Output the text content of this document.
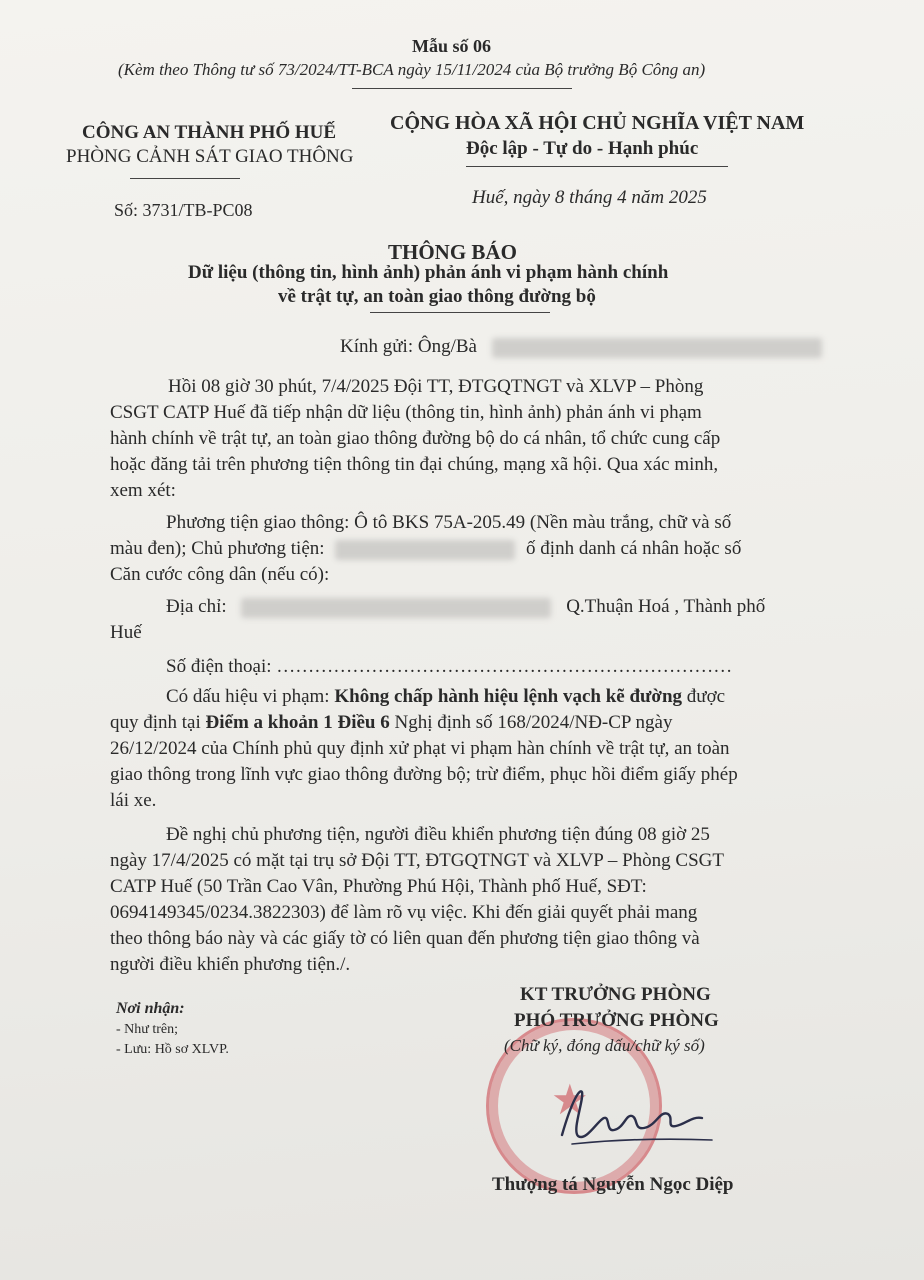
Mẫu số 06
(Kèm theo Thông tư số 73/2024/TT-BCA ngày 15/11/2024 của Bộ trưởng Bộ Công an)
CÔNG AN THÀNH PHỐ HUẾ
PHÒNG CẢNH SÁT GIAO THÔNG
Số: 3731/TB-PC08
CỘNG HÒA XÃ HỘI CHỦ NGHĨA VIỆT NAM
Độc lập - Tự do - Hạnh phúc
Huế, ngày 8 tháng 4 năm 2025
THÔNG BÁO
Dữ liệu (thông tin, hình ảnh) phản ánh vi phạm hành chính
về trật tự, an toàn giao thông đường bộ
Kính gửi: Ông/Bà
Hồi 08 giờ 30 phút, 7/4/2025 Đội TT, ĐTGQTNGT và XLVP – Phòng
CSGT CATP Huế đã tiếp nhận dữ liệu (thông tin, hình ảnh) phản ánh vi phạm
hành chính về trật tự, an toàn giao thông đường bộ do cá nhân, tổ chức cung cấp
hoặc đăng tải trên phương tiện thông tin đại chúng, mạng xã hội. Qua xác minh,
xem xét:
Phương tiện giao thông: Ô tô BKS 75A-205.49 (Nền màu trắng, chữ và số
màu đen); Chủ phương tiện:	ố định danh cá nhân hoặc số
Căn cước công dân (nếu có):
Địa chỉ:	Q.Thuận Hoá , Thành phố
Huế
Số điện thoại: ………………………………………………………………
Có dấu hiệu vi phạm: Không chấp hành hiệu lệnh vạch kẽ đường được
quy định tại Điểm a khoản 1 Điều 6 Nghị định số 168/2024/NĐ-CP ngày
26/12/2024 của Chính phủ quy định xử phạt vi phạm hàn chính về trật tự, an toàn
giao thông trong lĩnh vực giao thông đường bộ; trừ điểm, phục hồi điểm giấy phép
lái xe.
Đề nghị chủ phương tiện, người điều khiển phương tiện đúng 08 giờ 25
ngày 17/4/2025 có mặt tại trụ sở Đội TT, ĐTGQTNGT và XLVP – Phòng CSGT
CATP Huế (50 Trần Cao Vân, Phường Phú Hội, Thành phố Huế, SĐT:
0694149345/0234.3822303) để làm rõ vụ việc. Khi đến giải quyết phải mang
theo thông báo này và các giấy tờ có liên quan đến phương tiện giao thông và
người điều khiển phương tiện./.
Nơi nhận:
- Như trên;
- Lưu: Hồ sơ XLVP.
★
KT TRƯỞNG PHÒNG
PHÓ TRƯỞNG PHÒNG
(Chữ ký, đóng dấu/chữ ký số)
Thượng tá Nguyễn Ngọc Diệp
